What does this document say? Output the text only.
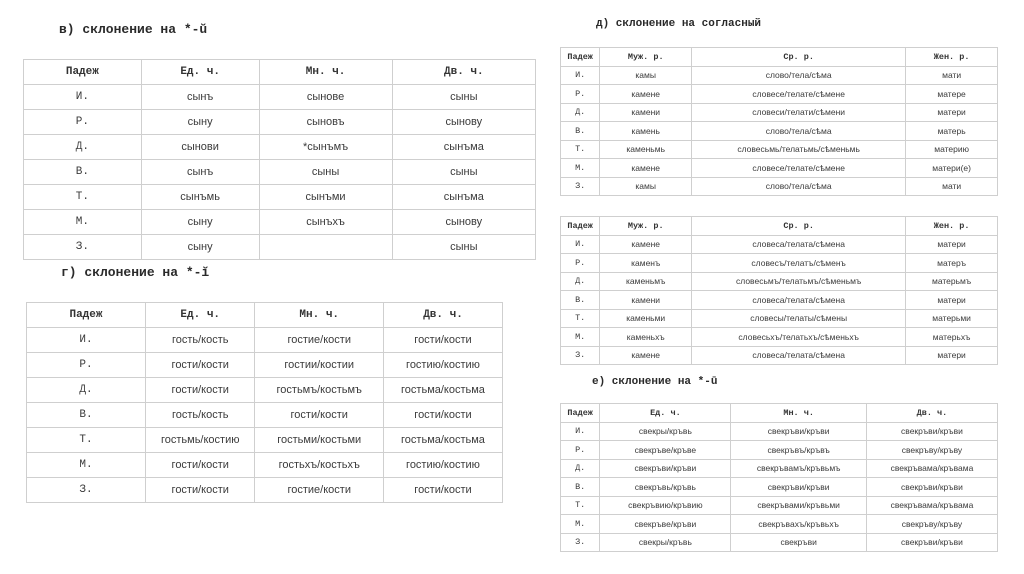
в) склонение на *-ŭ
Падеж	Ед. ч.	Мн. ч.	Дв. ч.
И.	сынъ	сынове	сыны
Р.	сыну	сыновъ	сынову
Д.	сынови	*сынъмъ	сынъма
В.	сынъ	сыны	сыны
Т.	сынъмь	сынъми	сынъма
М.	сыну	сынъхъ	сынову
З.	сыну		сыны
г) склонение на *-ĭ
Падеж	Ед. ч.	Мн. ч.	Дв. ч.
И.	гость/кость	гостие/кости	гости/кости
Р.	гости/кости	гостии/костии	гостию/костию
Д.	гости/кости	гостьмъ/костьмъ	гостьма/костьма
В.	гость/кость	гости/кости	гости/кости
Т.	гостьмь/костию	гостьми/костьми	гостьма/костьма
М.	гости/кости	гостьхъ/костьхъ	гостию/костию
З.	гости/кости	гостие/кости	гости/кости
д) склонение на согласный
Падеж	Муж. р.	Ср. р.	Жен. р.
И.	камы	слово/тела/сѣма	мати
Р.	камене	словесе/телате/сѣмене	матере
Д.	камени	словеси/телати/сѣмени	матери
В.	камень	слово/тела/сѣма	матерь
Т.	каменьмь	словесьмь/телатьмь/сѣменьмь	материю
М.	камене	словесе/телате/сѣмене	матери(е)
З.	камы	слово/тела/сѣма	мати
Падеж	Муж. р.	Ср. р.	Жен. р.
И.	камене	словеса/телата/сѣмена	матери
Р.	каменъ	словесъ/телатъ/сѣменъ	матеръ
Д.	каменьмъ	словесьмъ/телатьмъ/сѣменьмъ	матерьмъ
В.	камени	словеса/телата/сѣмена	матери
Т.	каменьми	словесы/телаты/сѣмены	матерьми
М.	каменьхъ	словесьхъ/телатьхъ/сѣменьхъ	матерьхъ
З.	камене	словеса/телата/сѣмена	матери
е) склонение на *-ū
Падеж	Ед. ч.	Мн. ч.	Дв. ч.
И.	свекры/кръвь	свекръви/кръви	свекръви/кръви
Р.	свекръве/кръве	свекръвъ/кръвъ	свекръву/кръву
Д.	свекръви/кръви	свекръвамъ/кръвьмъ	свекръвама/кръвама
В.	свекръвь/кръвь	свекръви/кръви	свекръви/кръви
Т.	свекръвию/кръвию	свекръвами/кръвьми	свекръвама/кръвама
М.	свекръве/кръви	свекръвахъ/кръвьхъ	свекръву/кръву
З.	свекры/кръвь	свекръви	свекръви/кръви
